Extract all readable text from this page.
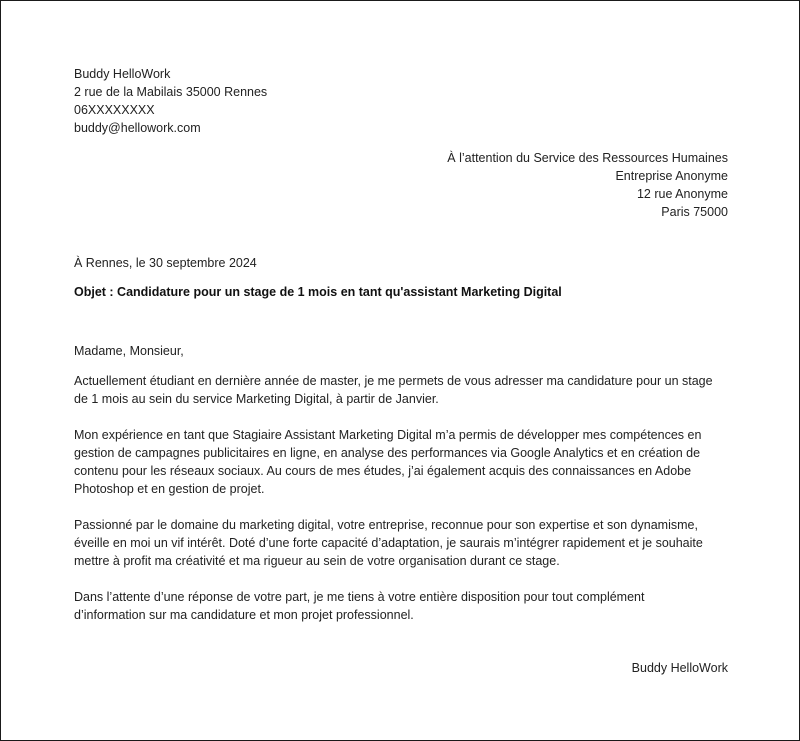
Buddy HelloWork
2 rue de la Mabilais 35000 Rennes
06XXXXXXXX
buddy@hellowork.com
À l’attention du Service des Ressources Humaines
Entreprise Anonyme
12 rue Anonyme
Paris 75000
À Rennes, le 30 septembre 2024
Objet : Candidature pour un stage de 1 mois en tant qu'assistant Marketing Digital

Madame, Monsieur,

Actuellement étudiant en dernière année de master, je me permets de vous adresser ma candidature pour un stage
de 1 mois au sein du service Marketing Digital, à partir de Janvier.

Mon expérience en tant que Stagiaire Assistant Marketing Digital m’a permis de développer mes compétences en
gestion de campagnes publicitaires en ligne, en analyse des performances via Google Analytics et en création de
contenu pour les réseaux sociaux. Au cours de mes études, j’ai également acquis des connaissances en Adobe
Photoshop et en gestion de projet.

Passionné par le domaine du marketing digital, votre entreprise, reconnue pour son expertise et son dynamisme,
éveille en moi un vif intérêt. Doté d’une forte capacité d’adaptation, je saurais m’intégrer rapidement et je souhaite
mettre à profit ma créativité et ma rigueur au sein de votre organisation durant ce stage.

Dans l’attente d’une réponse de votre part, je me tiens à votre entière disposition pour tout complément
d’information sur ma candidature et mon projet professionnel.

Buddy HelloWork
